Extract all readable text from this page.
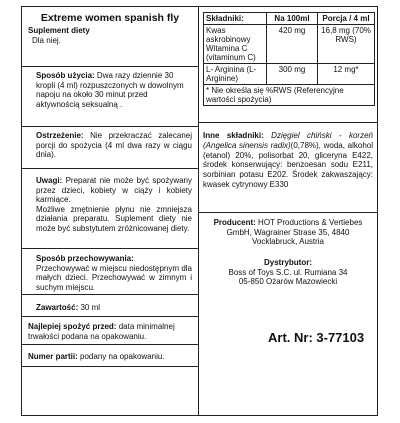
Extreme women spanish fly
Suplement diety
Dla niej.
Sposób użycia: Dwa razy dziennie 30 kropli (4 ml) rozpuszczonych w dowolnym napoju na około 30 minut przed aktywnością seksualną .
Ostrzeżenie: Nie przekraczać zalecanej porcji do spożycia (4 ml dwa razy w ciągu dnia).
Uwagi: Preparat nie może być spożywany przez dzieci, kobiety w ciąży i kobiety karmiące.
Możliwe zmętnienie płynu nie zmniejsza działania preparatu. Suplement diety nie może być substytutem zróżnicowanej diety.
Sposób przechowywania:
Przechowywać w miejscu niedostępnym dla małych dzieci. Przechowywać w zimnym i suchym miejscu.
Zawartość: 30 ml
Najlepiej spożyć przed: data minimalnej trwałości podana na opakowaniu.
Numer partii: podany na opakowaniu.
Składniki:	Na 100ml	Porcja / 4 ml
Kwas askrobinowy Witamina C (vitaminum C)	420 mg	16,8 mg (70% RWS)
L- Arginina (L-Arginine)	300 mg	12 mg*
* Nie określa się %RWS (Referencyjne wartości spożycia)		
Inne składniki: Dzięgiel chiński - korzeń (Angelica sinensis radix)(0,78%), woda, alkohol (etanol) 20%, polisorbat 20, gliceryna E422, środek konserwujący: benzoesan sodu E211, sorbinian potasu E202. Środek zakwaszający: kwasek cytrynowy E330
Producent: HOT Productions & Vertiebes GmbH, Wagrainer Strase 35, 4840 Vocklabruck, Austria
Dystrybutor:
Boss of Toys S.C. ul. Rumiana 34
05-850 Ożarów Mazowiecki
Art. Nr: 3-77103
